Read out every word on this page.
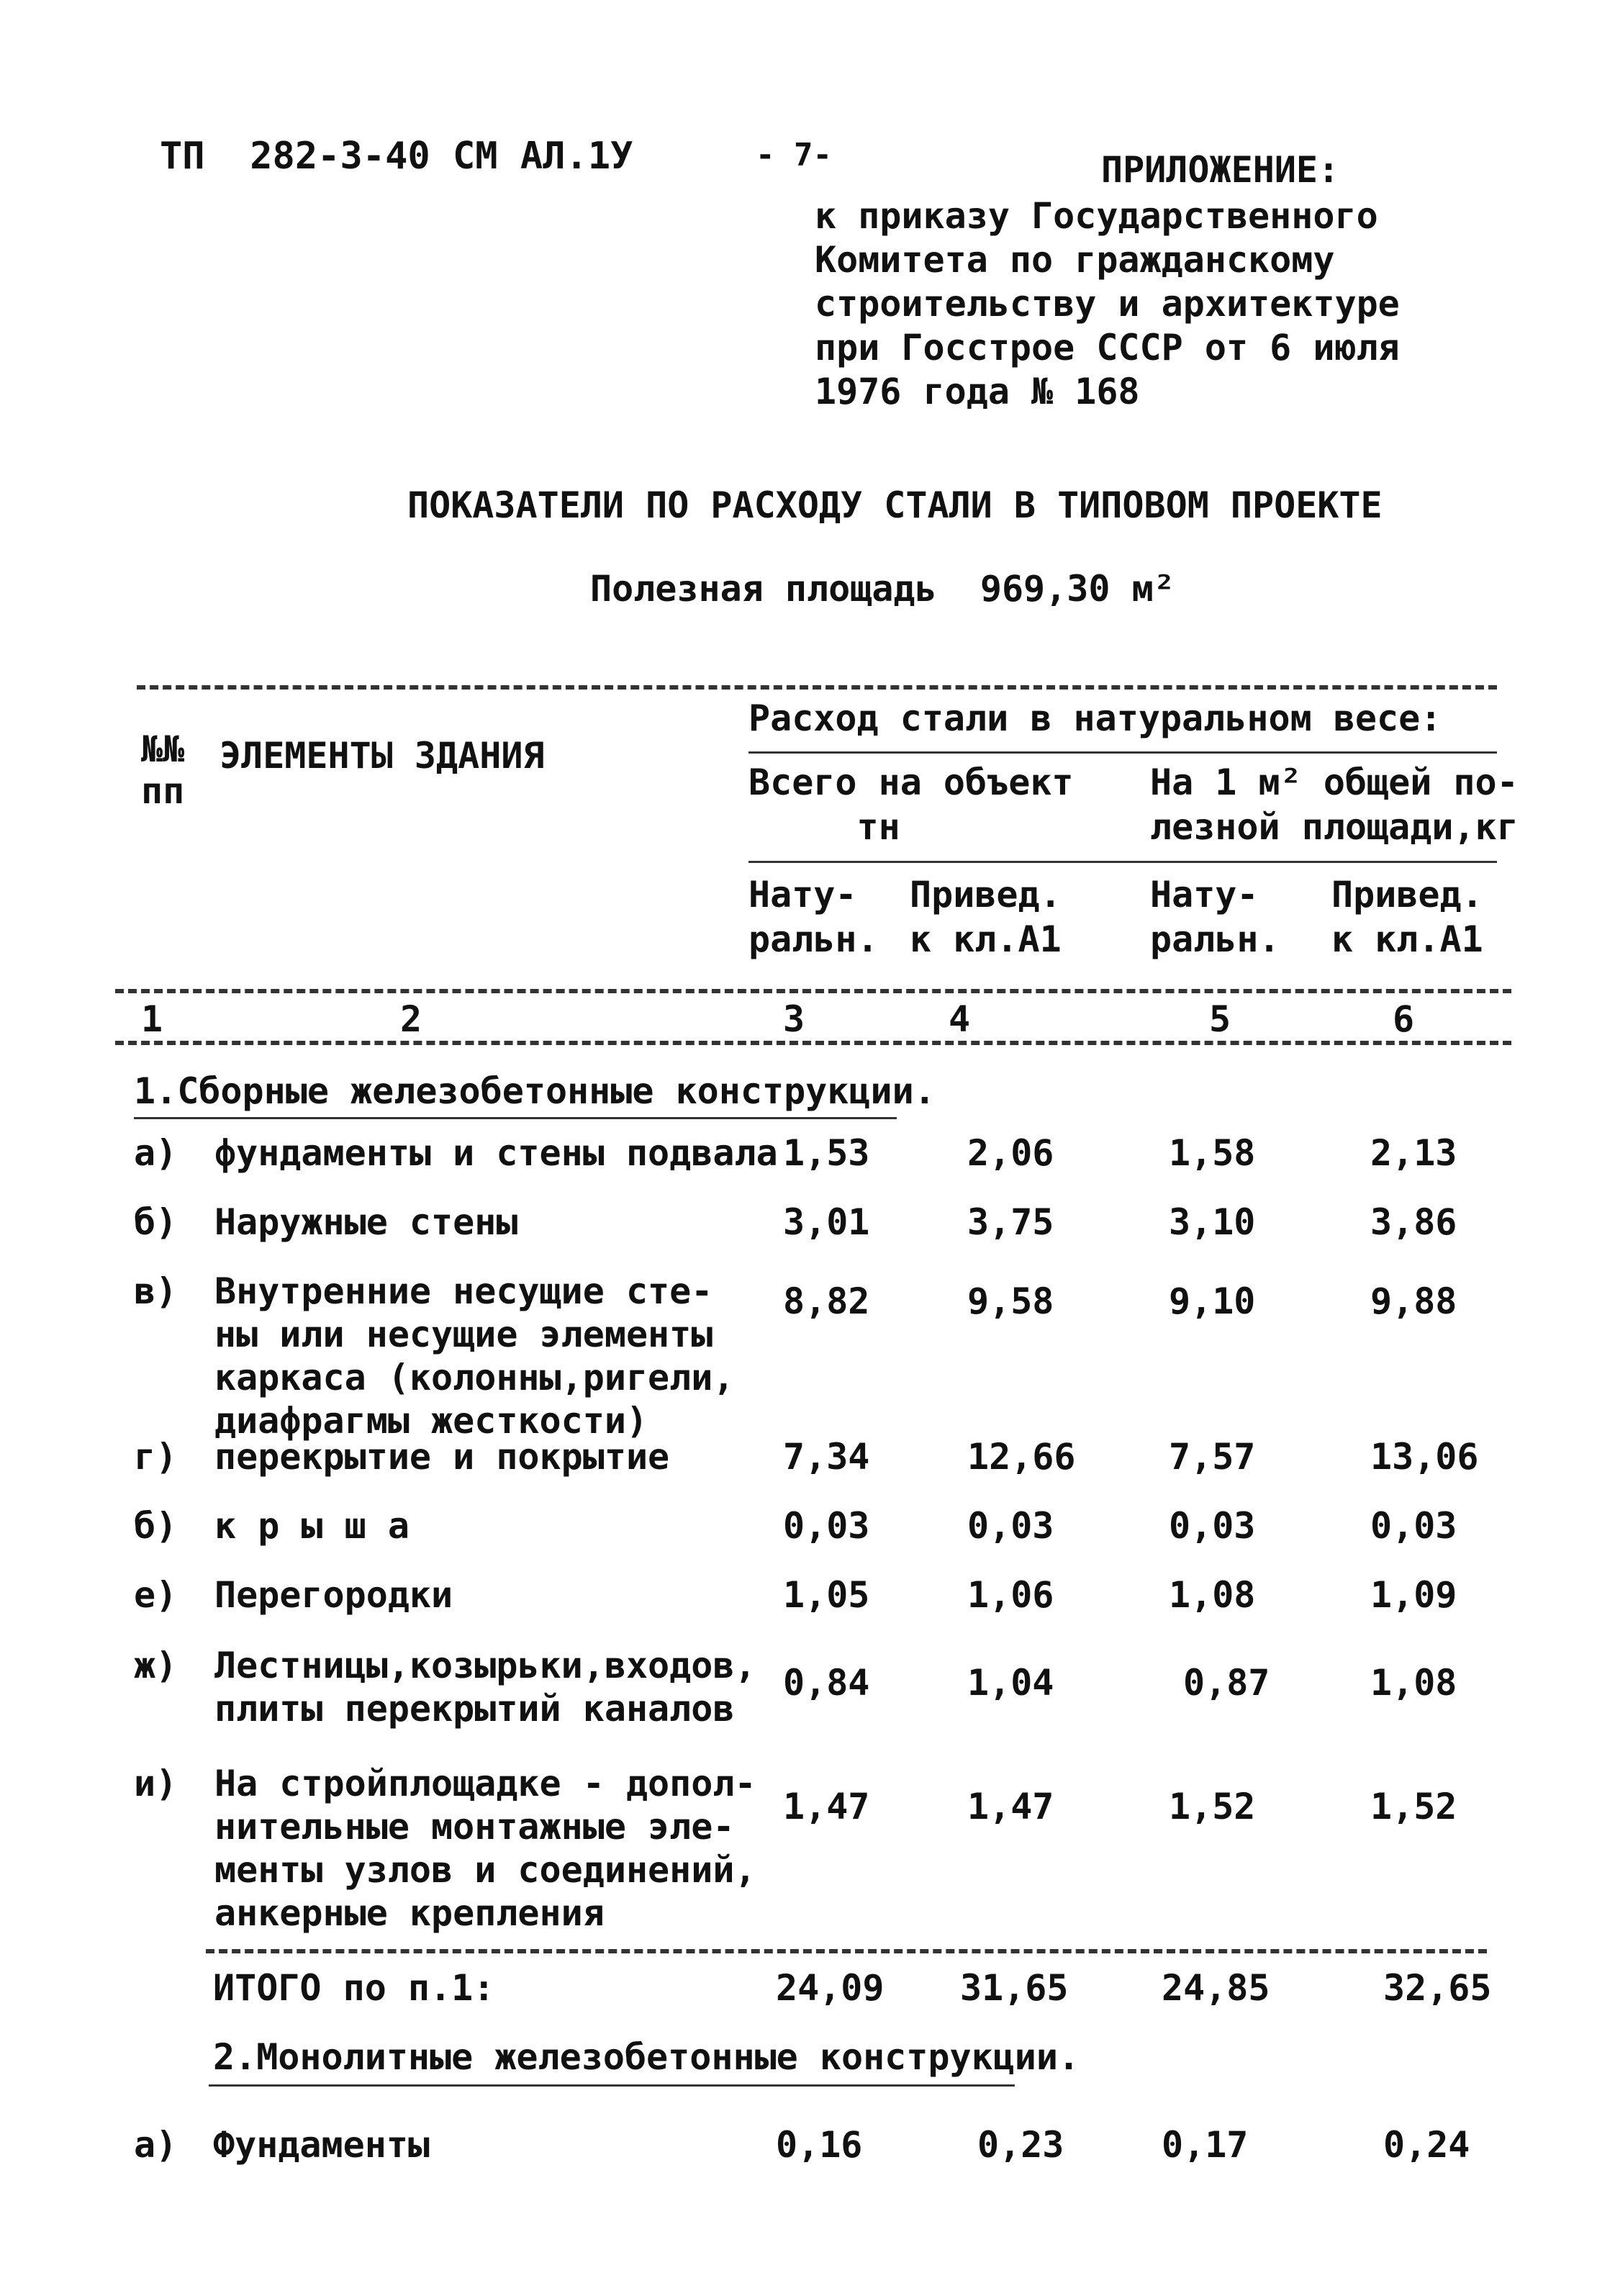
ТП  282-3-40 СМ АЛ.1У	- 7-	ПРИЛОЖЕНИЕ:
к приказу Государственного
Комитета по гражданскому
строительству и архитектуре
при Госстрое СССР от 6 июля
1976 года № 168
ПОКАЗАТЕЛИ ПО РАСХОДУ СТАЛИ В ТИПОВОМ ПРОЕКТЕ
Полезная площадь  969,30 м²
№№
пп
ЭЛЕМЕНТЫ ЗДАНИЯ
Расход стали в натуральном весе:
Всего на объект
тн
На 1 м² общей по-
лезной площади,кг
Нату-
ральн.
Привед.
к кл.А1
Нату-
ральн.
Привед.
к кл.А1
1	2	3	4	5	6
1.Сборные железобетонные конструкции.
а) фундаменты и стены подвала 1,53	2,06	1,58	2,13
б) Наружные стены	3,01	3,75	3,10	3,86
в) Внутренние несущие сте-
ны или несущие элементы
каркаса (колонны,ригели,
диафрагмы жесткости)
8,82	9,58	9,10	9,88
г) перекрытие и покрытие	7,34	12,66	7,57	13,06
б) к р ы ш а	0,03	0,03	0,03	0,03
е) Перегородки	1,05	1,06	1,08	1,09
ж) Лестницы,козырьки,входов,
плиты перекрытий каналов
0,84	1,04	0,87	1,08
и) На стройплощадке - допол-
нительные монтажные эле-
менты узлов и соединений,
анкерные крепления
1,47	1,47	1,52	1,52
ИТОГО по п.1:	24,09 31,65	24,85	32,65
2.Монолитные железобетонные конструкции.
а) Фундаменты	0,16	0,23	0,17	0,24
